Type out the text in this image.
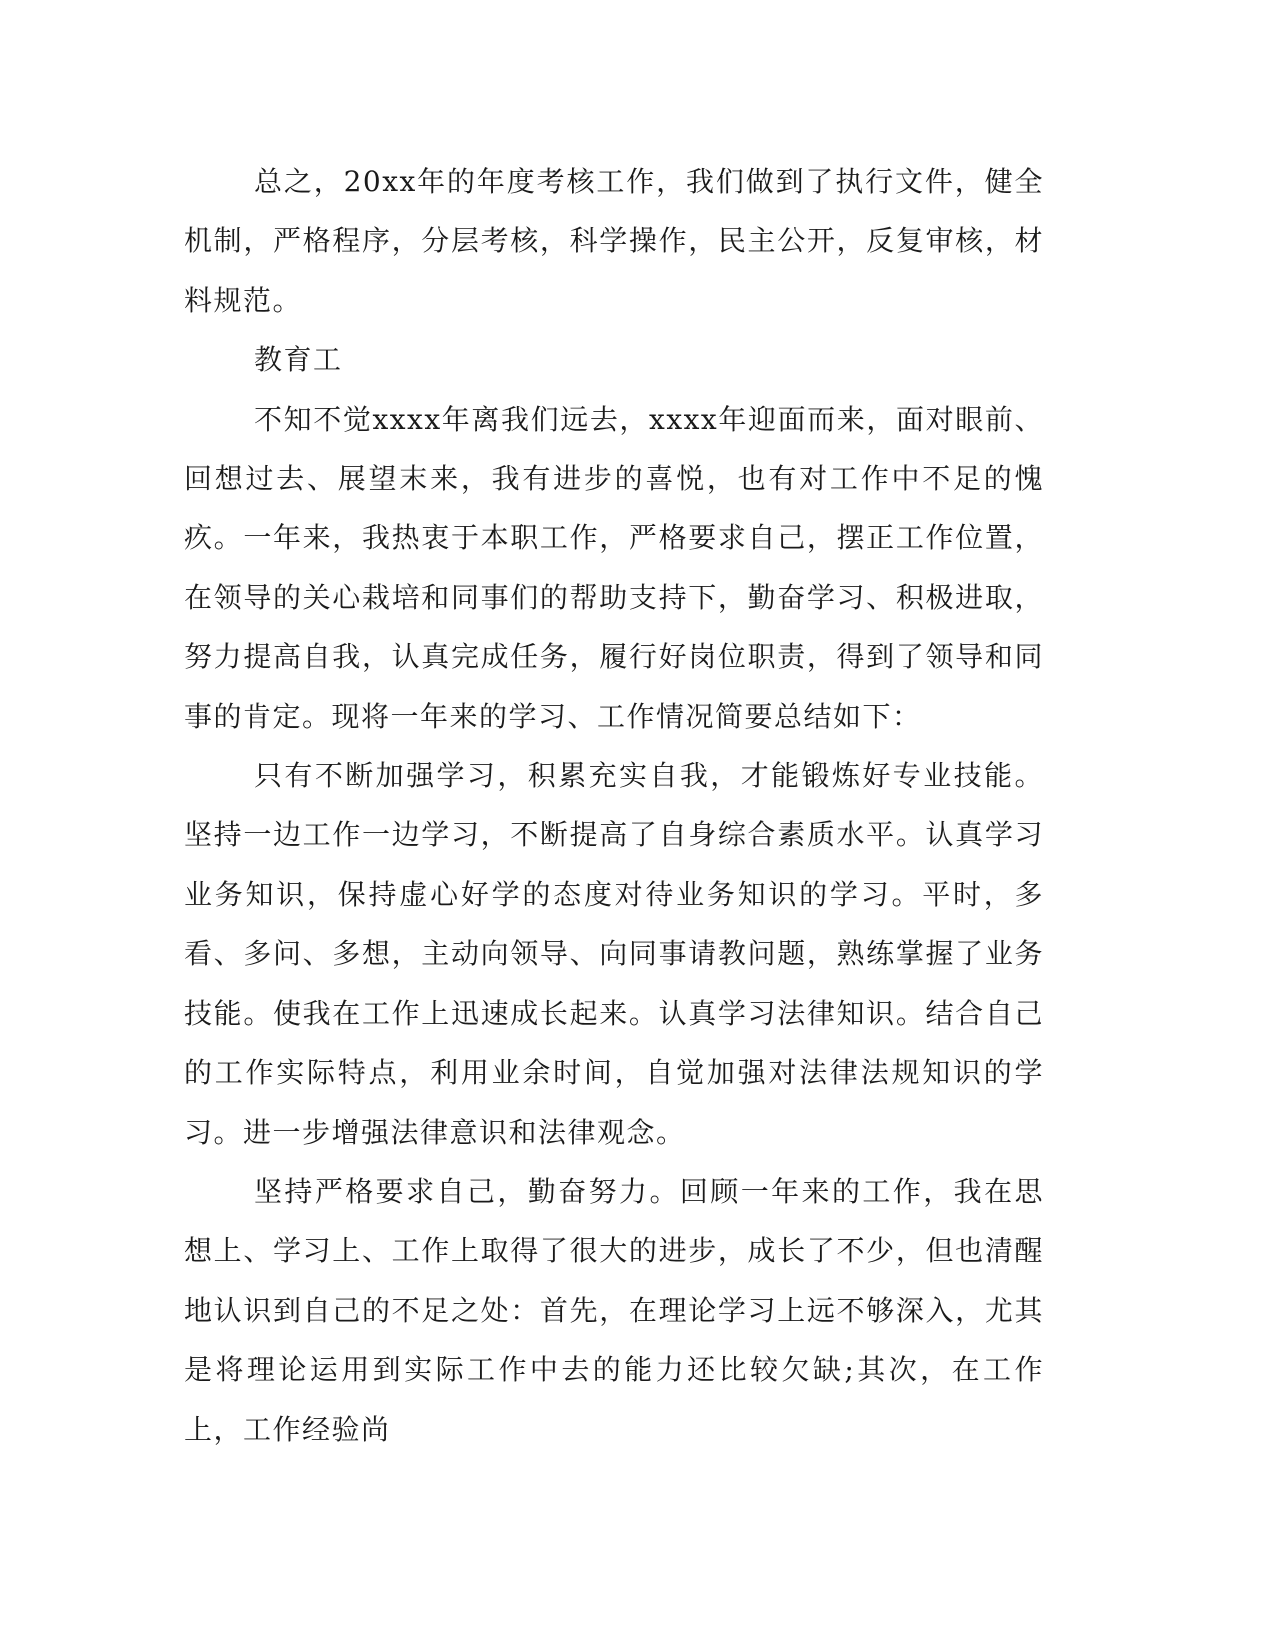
总之，20xx年的年度考核工作，我们做到了执行文件，健全机制，严格程序，分层考核，科学操作，民主公开，反复审核，材料规范。

教育工

不知不觉xxxx年离我们远去，xxxx年迎面而来，面对眼前、回想过去、展望末来，我有进步的喜悦，也有对工作中不足的愧疚。一年来，我热衷于本职工作，严格要求自己，摆正工作位置，在领导的关心栽培和同事们的帮助支持下，勤奋学习、积极进取，努力提高自我，认真完成任务，履行好岗位职责，得到了领导和同事的肯定。现将一年来的学习、工作情况简要总结如下：

只有不断加强学习，积累充实自我，才能锻炼好专业技能。坚持一边工作一边学习，不断提高了自身综合素质水平。认真学习业务知识，保持虚心好学的态度对待业务知识的学习。平时，多看、多问、多想，主动向领导、向同事请教问题，熟练掌握了业务技能。使我在工作上迅速成长起来。认真学习法律知识。结合自己的工作实际特点，利用业余时间，自觉加强对法律法规知识的学习。进一步增强法律意识和法律观念。

坚持严格要求自己，勤奋努力。回顾一年来的工作，我在思想上、学习上、工作上取得了很大的进步，成长了不少，但也清醒地认识到自己的不足之处：首先，在理论学习上远不够深入，尤其是将理论运用到实际工作中去的能力还比较欠缺;其次，在工作上，工作经验尚
